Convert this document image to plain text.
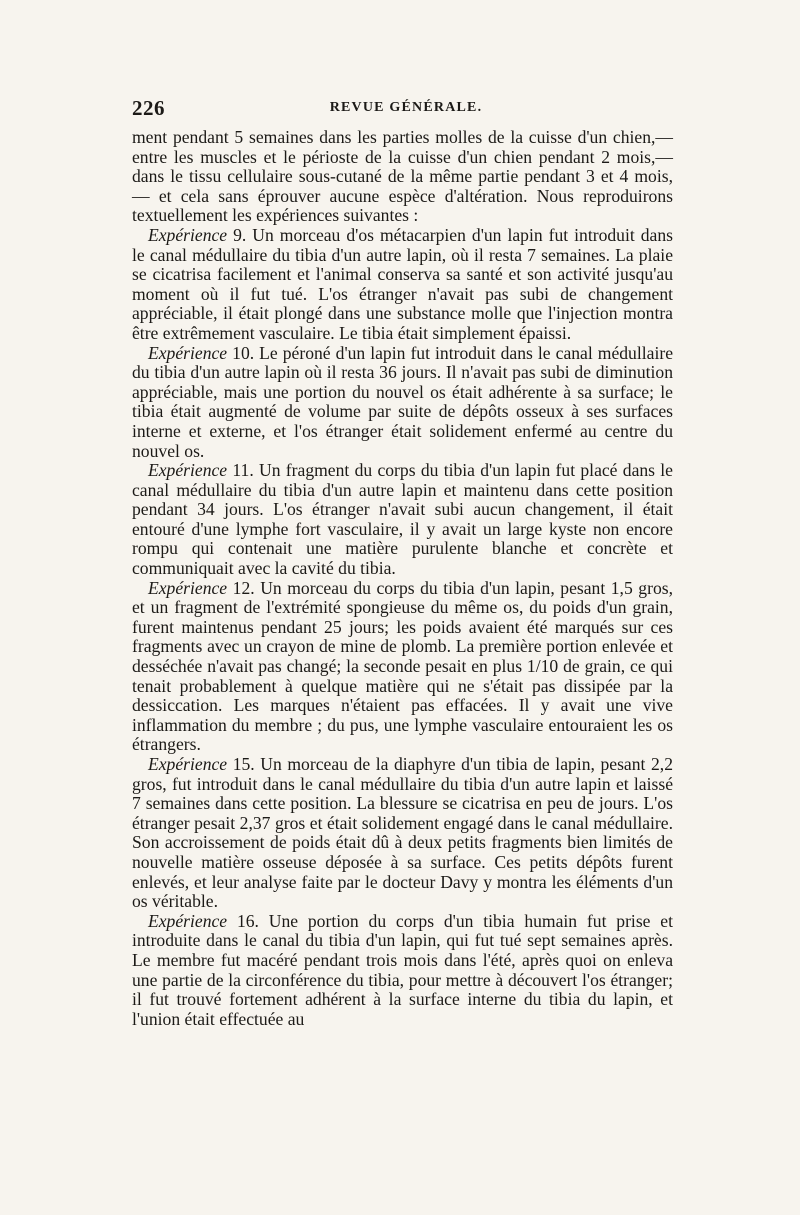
226	REVUE GÉNÉRALE.

ment pendant 5 semaines dans les parties molles de la cuisse d'un chien,—entre les muscles et le périoste de la cuisse d'un chien pendant 2 mois,—dans le tissu cellulaire sous-cutané de la même partie pendant 3 et 4 mois, — et cela sans éprouver aucune espèce d'altération. Nous reproduirons textuellement les expériences suivantes :

Expérience 9. Un morceau d'os métacarpien d'un lapin fut introduit dans le canal médullaire du tibia d'un autre lapin, où il resta 7 semaines. La plaie se cicatrisa facilement et l'animal conserva sa santé et son activité jusqu'au moment où il fut tué. L'os étranger n'avait pas subi de changement appréciable, il était plongé dans une substance molle que l'injection montra être extrêmement vasculaire. Le tibia était simplement épaissi.

Expérience 10. Le péroné d'un lapin fut introduit dans le canal médullaire du tibia d'un autre lapin où il resta 36 jours. Il n'avait pas subi de diminution appréciable, mais une portion du nouvel os était adhérente à sa surface; le tibia était augmenté de volume par suite de dépôts osseux à ses surfaces interne et externe, et l'os étranger était solidement enfermé au centre du nouvel os.

Expérience 11. Un fragment du corps du tibia d'un lapin fut placé dans le canal médullaire du tibia d'un autre lapin et maintenu dans cette position pendant 34 jours. L'os étranger n'avait subi aucun changement, il était entouré d'une lymphe fort vasculaire, il y avait un large kyste non encore rompu qui contenait une matière purulente blanche et concrète et communiquait avec la cavité du tibia.

Expérience 12. Un morceau du corps du tibia d'un lapin, pesant 1,5 gros, et un fragment de l'extrémité spongieuse du même os, du poids d'un grain, furent maintenus pendant 25 jours; les poids avaient été marqués sur ces fragments avec un crayon de mine de plomb. La première portion enlevée et desséchée n'avait pas changé; la seconde pesait en plus 1/10 de grain, ce qui tenait probablement à quelque matière qui ne s'était pas dissipée par la dessiccation. Les marques n'étaient pas effacées. Il y avait une vive inflammation du membre ; du pus, une lymphe vasculaire entouraient les os étrangers.

Expérience 15. Un morceau de la diaphyre d'un tibia de lapin, pesant 2,2 gros, fut introduit dans le canal médullaire du tibia d'un autre lapin et laissé 7 semaines dans cette position. La blessure se cicatrisa en peu de jours. L'os étranger pesait 2,37 gros et était solidement engagé dans le canal médullaire. Son accroissement de poids était dû à deux petits fragments bien limités de nouvelle matière osseuse déposée à sa surface. Ces petits dépôts furent enlevés, et leur analyse faite par le docteur Davy y montra les éléments d'un os véritable.

Expérience 16. Une portion du corps d'un tibia humain fut prise et introduite dans le canal du tibia d'un lapin, qui fut tué sept semaines après. Le membre fut macéré pendant trois mois dans l'été, après quoi on enleva une partie de la circonférence du tibia, pour mettre à découvert l'os étranger; il fut trouvé fortement adhérent à la surface interne du tibia du lapin, et l'union était effectuée au
